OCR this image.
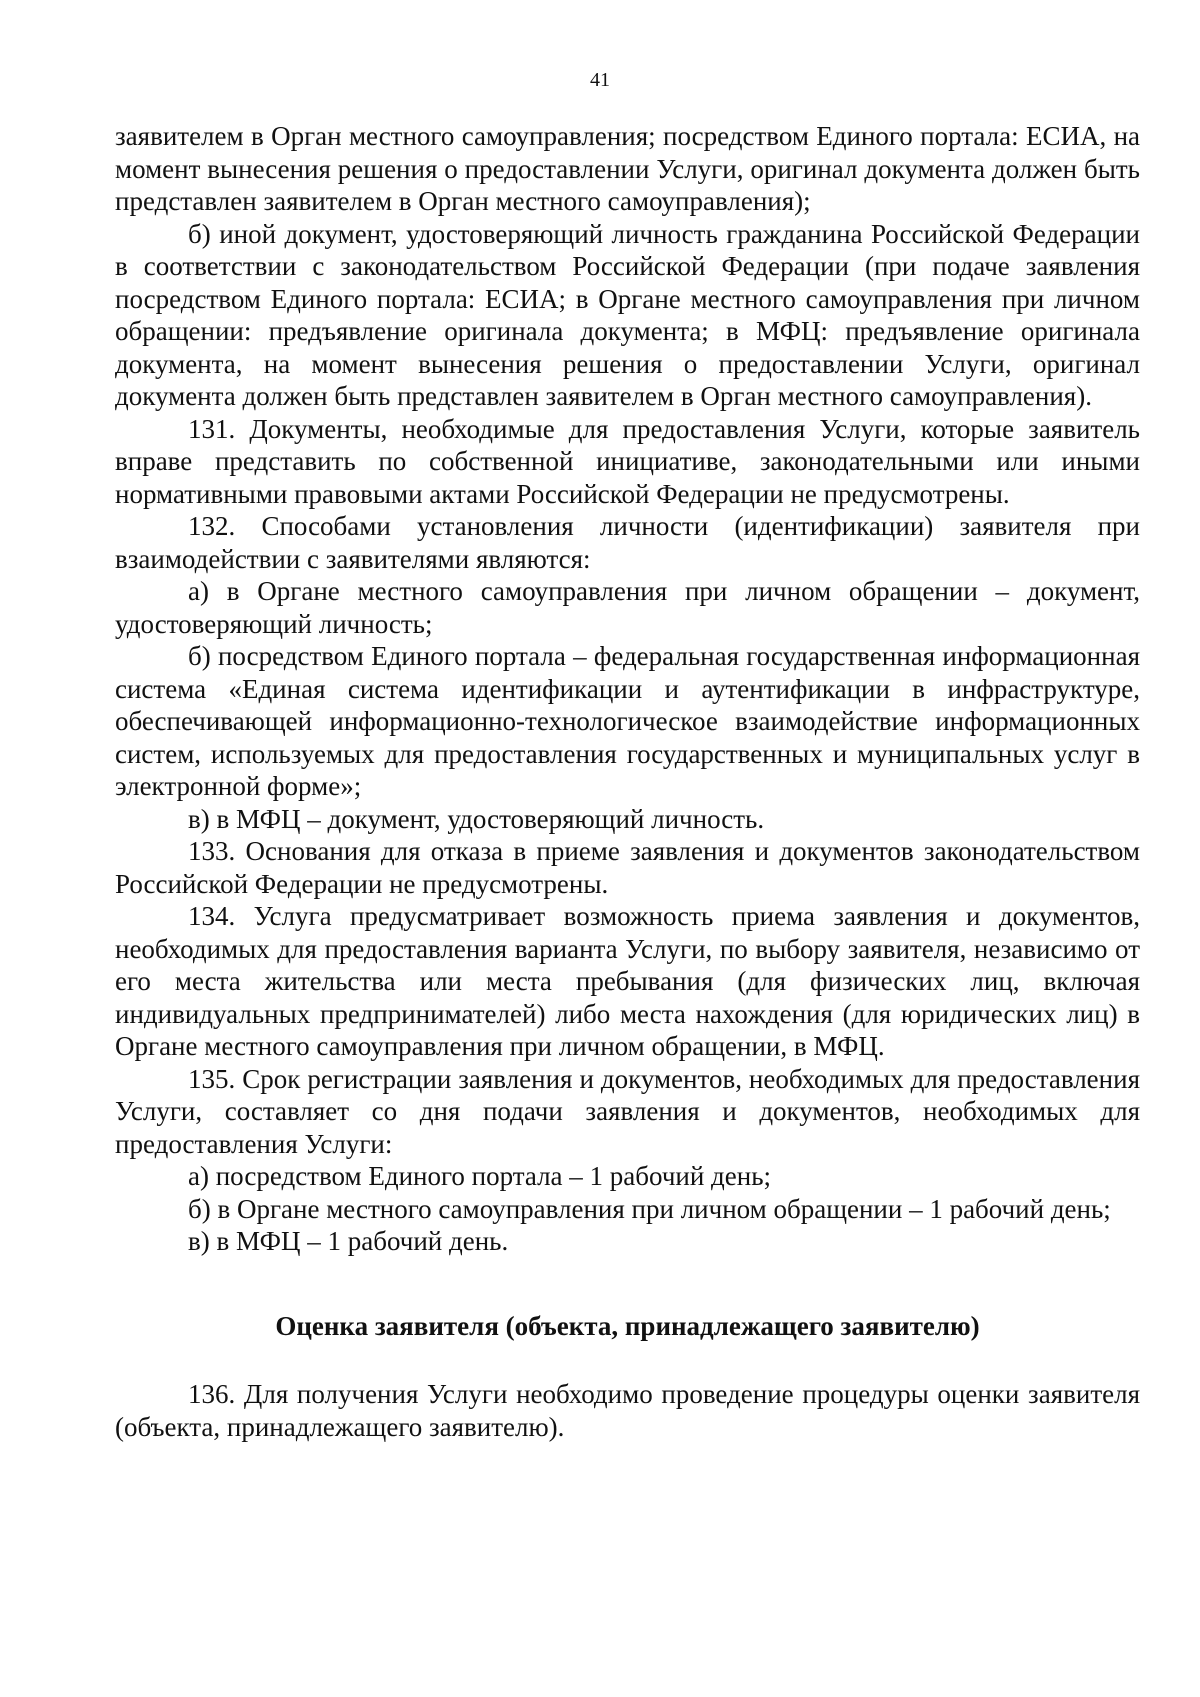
41

заявителем в Орган местного самоуправления; посредством Единого портала: ЕСИА, на момент вынесения решения о предоставлении Услуги, оригинал документа должен быть представлен заявителем в Орган местного самоуправления);

б) иной документ, удостоверяющий личность гражданина Российской Федерации в соответствии с законодательством Российской Федерации (при подаче заявления посредством Единого портала: ЕСИА; в Органе местного самоуправления при личном обращении: предъявление оригинала документа; в МФЦ: предъявление оригинала документа, на момент вынесения решения о предоставлении Услуги, оригинал документа должен быть представлен заявителем в Орган местного самоуправления).

131. Документы, необходимые для предоставления Услуги, которые заявитель вправе представить по собственной инициативе, законодательными или иными нормативными правовыми актами Российской Федерации не предусмотрены.

132. Способами установления личности (идентификации) заявителя при взаимодействии с заявителями являются:

а) в Органе местного самоуправления при личном обращении – документ, удостоверяющий личность;

б) посредством Единого портала – федеральная государственная информационная система «Единая система идентификации и аутентификации в инфраструктуре, обеспечивающей информационно-технологическое взаимодействие информационных систем, используемых для предоставления государственных и муниципальных услуг в электронной форме»;

в) в МФЦ – документ, удостоверяющий личность.

133. Основания для отказа в приеме заявления и документов законодательством Российской Федерации не предусмотрены.

134. Услуга предусматривает возможность приема заявления и документов, необходимых для предоставления варианта Услуги, по выбору заявителя, независимо от его места жительства или места пребывания (для физических лиц, включая индивидуальных предпринимателей) либо места нахождения (для юридических лиц) в Органе местного самоуправления при личном обращении, в МФЦ.

135. Срок регистрации заявления и документов, необходимых для предоставления Услуги, составляет со дня подачи заявления и документов, необходимых для предоставления Услуги:

а) посредством Единого портала – 1 рабочий день;

б) в Органе местного самоуправления при личном обращении – 1 рабочий день;

в) в МФЦ – 1 рабочий день.

Оценка заявителя (объекта, принадлежащего заявителю)

136. Для получения Услуги необходимо проведение процедуры оценки заявителя (объекта, принадлежащего заявителю).
